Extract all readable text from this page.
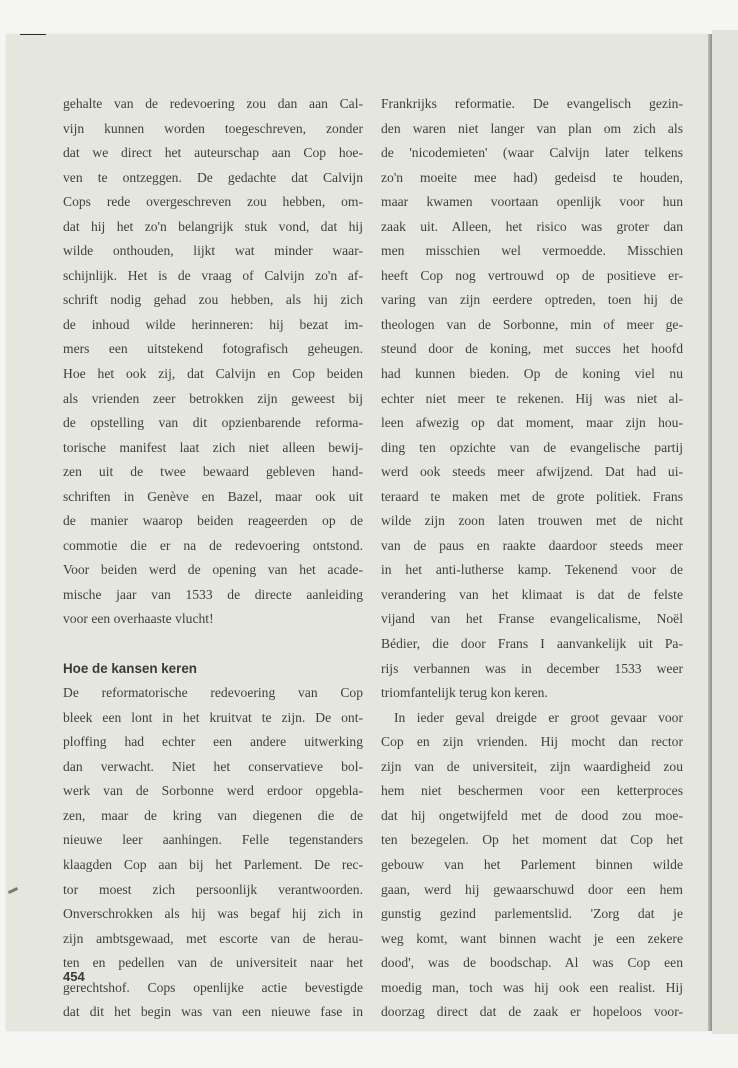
gehalte van de redevoering zou dan aan Cal-
vijn kunnen worden toegeschreven, zonder
dat we direct het auteurschap aan Cop hoe-
ven te ontzeggen. De gedachte dat Calvijn
Cops rede overgeschreven zou hebben, om-
dat hij het zo'n belangrijk stuk vond, dat hij
wilde onthouden, lijkt wat minder waar-
schijnlijk. Het is de vraag of Calvijn zo'n af-
schrift nodig gehad zou hebben, als hij zich
de inhoud wilde herinneren: hij bezat im-
mers een uitstekend fotografisch geheugen.
Hoe het ook zij, dat Calvijn en Cop beiden
als vrienden zeer betrokken zijn geweest bij
de opstelling van dit opzienbarende reforma-
torische manifest laat zich niet alleen bewij-
zen uit de twee bewaard gebleven hand-
schriften in Genève en Bazel, maar ook uit
de manier waarop beiden reageerden op de
commotie die er na de redevoering ontstond.
Voor beiden werd de opening van het acade-
mische jaar van 1533 de directe aanleiding
voor een overhaaste vlucht!
Hoe de kansen keren
De reformatorische redevoering van Cop
bleek een lont in het kruitvat te zijn. De ont-
ploffing had echter een andere uitwerking
dan verwacht. Niet het conservatieve bol-
werk van de Sorbonne werd erdoor opgebla-
zen, maar de kring van diegenen die de
nieuwe leer aanhingen. Felle tegenstanders
klaagden Cop aan bij het Parlement. De rec-
tor moest zich persoonlijk verantwoorden.
Onverschrokken als hij was begaf hij zich in
zijn ambtsgewaad, met escorte van de herau-
ten en pedellen van de universiteit naar het
gerechtshof. Cops openlijke actie bevestigde
dat dit het begin was van een nieuwe fase in
Frankrijks reformatie. De evangelisch gezin-
den waren niet langer van plan om zich als
de 'nicodemieten' (waar Calvijn later telkens
zo'n moeite mee had) gedeisd te houden,
maar kwamen voortaan openlijk voor hun
zaak uit. Alleen, het risico was groter dan
men misschien wel vermoedde. Misschien
heeft Cop nog vertrouwd op de positieve er-
varing van zijn eerdere optreden, toen hij de
theologen van de Sorbonne, min of meer ge-
steund door de koning, met succes het hoofd
had kunnen bieden. Op de koning viel nu
echter niet meer te rekenen. Hij was niet al-
leen afwezig op dat moment, maar zijn hou-
ding ten opzichte van de evangelische partij
werd ook steeds meer afwijzend. Dat had ui-
teraard te maken met de grote politiek. Frans
wilde zijn zoon laten trouwen met de nicht
van de paus en raakte daardoor steeds meer
in het anti-lutherse kamp. Tekenend voor de
verandering van het klimaat is dat de felste
vijand van het Franse evangelicalisme, Noël
Bédier, die door Frans I aanvankelijk uit Pa-
rijs verbannen was in december 1533 weer
triomfantelijk terug kon keren.
In ieder geval dreigde er groot gevaar voor
Cop en zijn vrienden. Hij mocht dan rector
zijn van de universiteit, zijn waardigheid zou
hem niet beschermen voor een ketterproces
dat hij ongetwijfeld met de dood zou moe-
ten bezegelen. Op het moment dat Cop het
gebouw van het Parlement binnen wilde
gaan, werd hij gewaarschuwd door een hem
gunstig gezind parlementslid. 'Zorg dat je
weg komt, want binnen wacht je een zekere
dood', was de boodschap. Al was Cop een
moedig man, toch was hij ook een realist. Hij
doorzag direct dat de zaak er hopeloos voor-
454
